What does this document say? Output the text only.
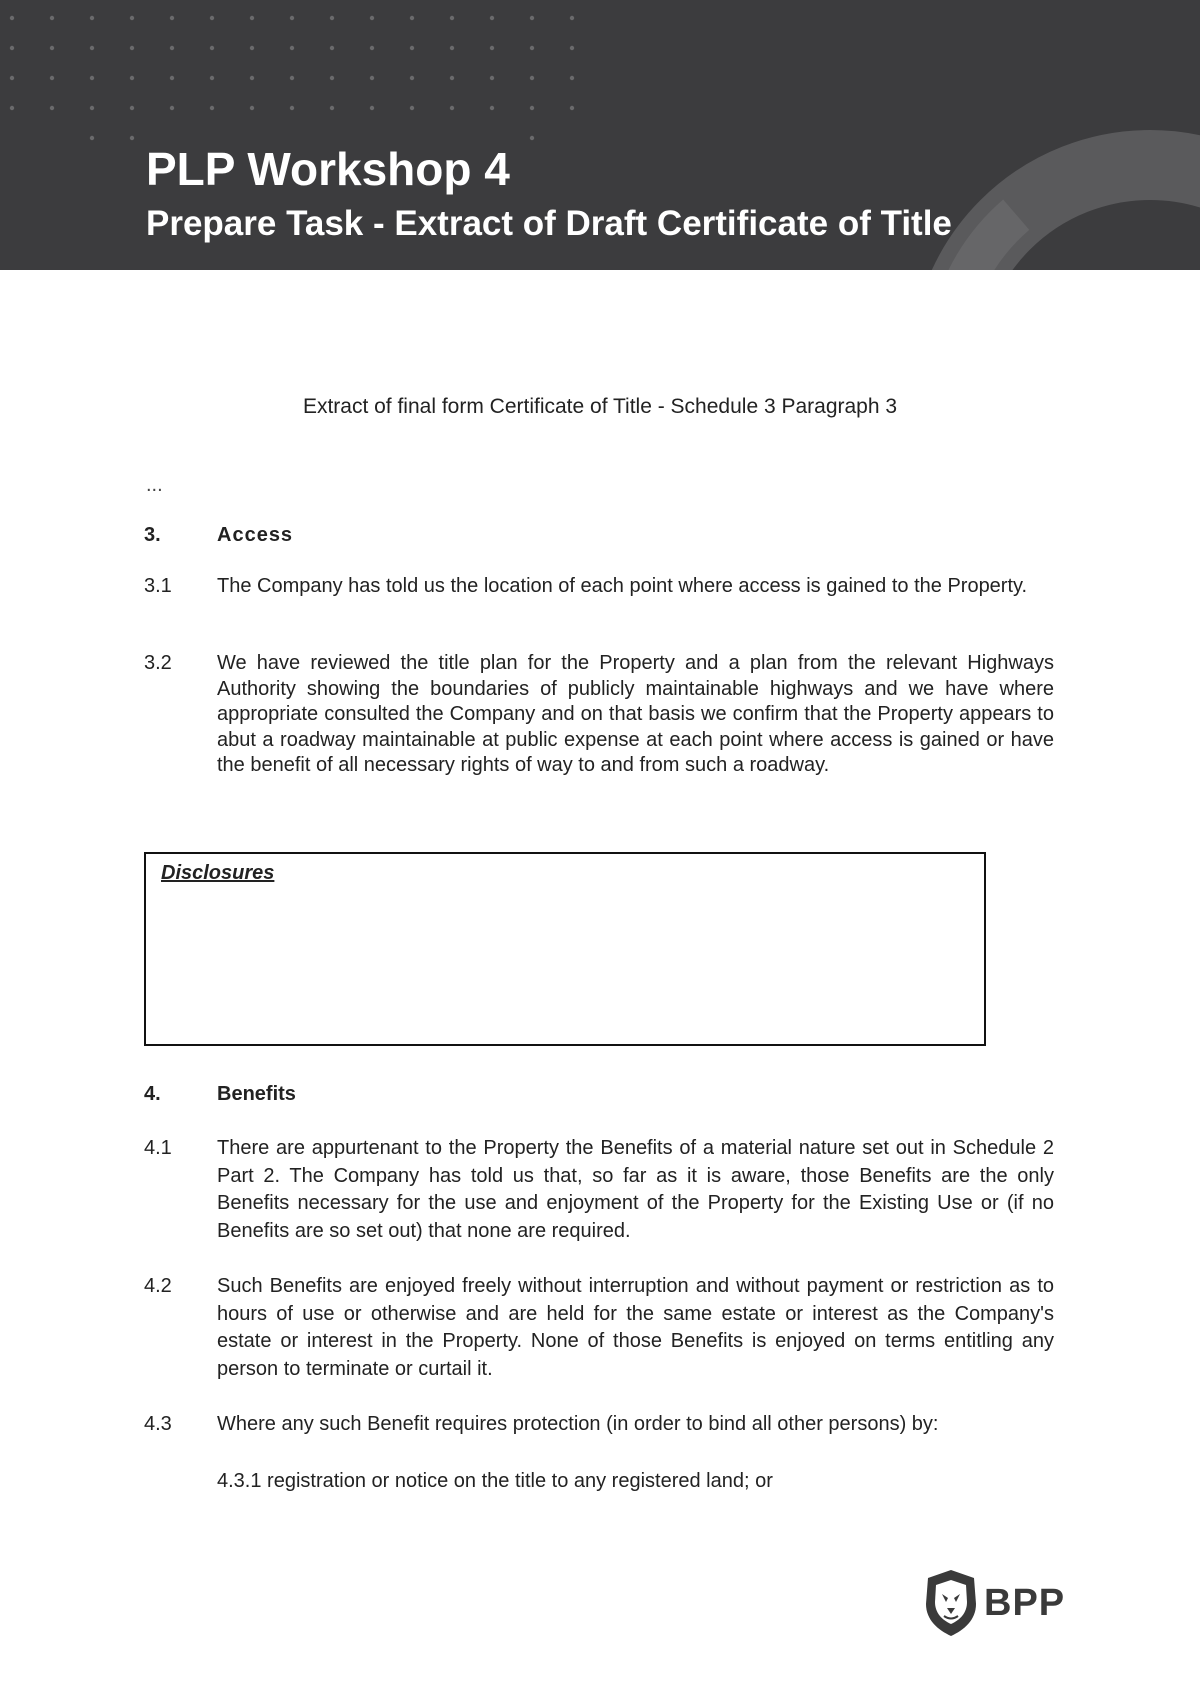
PLP Workshop 4
Prepare Task - Extract of Draft Certificate of Title
Extract of final form Certificate of Title - Schedule 3 Paragraph 3
...
3.	Access
3.1	The Company has told us the location of each point where access is gained to the Property.
3.2	We have reviewed the title plan for the Property and a plan from the relevant Highways Authority showing the boundaries of publicly maintainable highways and we have where appropriate consulted the Company and on that basis we confirm that the Property appears to abut a roadway maintainable at public expense at each point where access is gained or have the benefit of all necessary rights of way to and from such a roadway.
Disclosures
4.	Benefits
4.1	There are appurtenant to the Property the Benefits of a material nature set out in Schedule 2 Part 2. The Company has told us that, so far as it is aware, those Benefits are the only Benefits necessary for the use and enjoyment of the Property for the Existing Use or (if no Benefits are so set out) that none are required.
4.2	Such Benefits are enjoyed freely without interruption and without payment or restriction as to hours of use or otherwise and are held for the same estate or interest as the Company's estate or interest in the Property. None of those Benefits is enjoyed on terms entitling any person to terminate or curtail it.
4.3	Where any such Benefit requires protection (in order to bind all other persons) by:
4.3.1 registration or notice on the title to any registered land; or
BPP
